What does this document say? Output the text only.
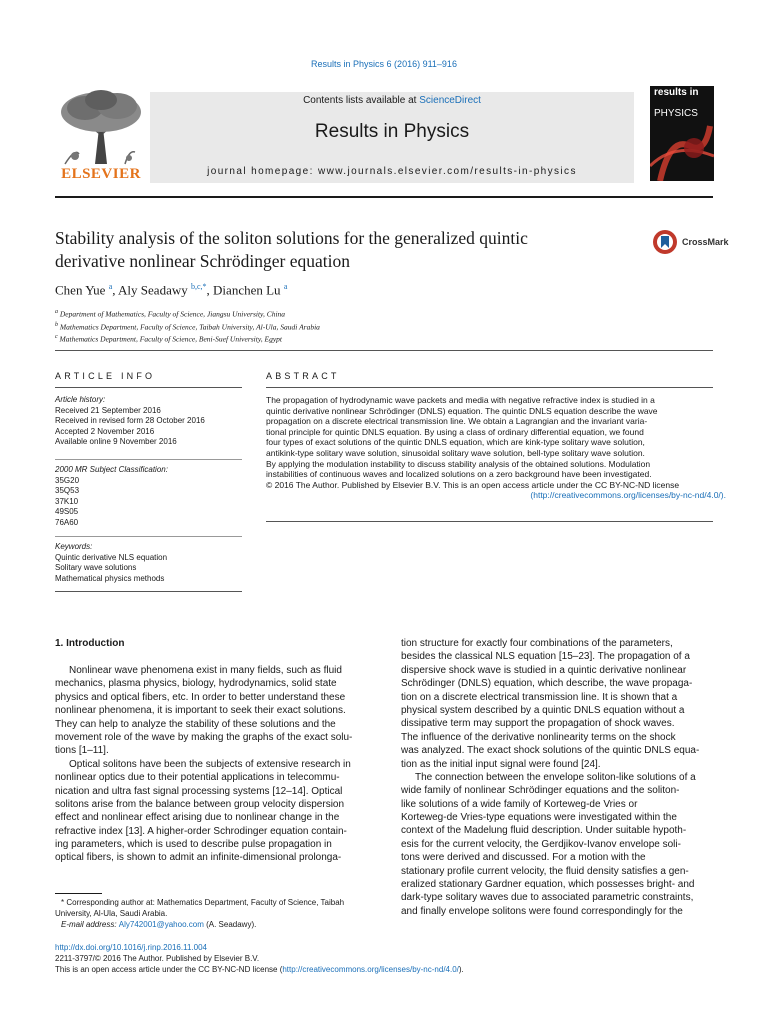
Results in Physics 6 (2016) 911–916
ELSEVIER
Contents lists available at ScienceDirect
Results in Physics
journal homepage: www.journals.elsevier.com/results-in-physics
results in
PHYSICS
Stability analysis of the soliton solutions for the generalized quintic
derivative nonlinear Schrödinger equation
CrossMark
Chen Yue $^a$, Aly Seadawy $^{b,c,*}$, Dianchen Lu $^a$
$^a$ Department of Mathematics, Faculty of Science, Jiangsu University, China
$^b$ Mathematics Department, Faculty of Science, Taibah University, Al-Ula, Saudi Arabia
$^c$ Mathematics Department, Faculty of Science, Beni-Suef University, Egypt
ARTICLE INFO
Article history:
Received 21 September 2016
Received in revised form 28 October 2016
Accepted 2 November 2016
Available online 9 November 2016
2000 MR Subject Classification:
35G20
35Q53
37K10
49S05
76A60
Keywords:
Quintic derivative NLS equation
Solitary wave solutions
Mathematical physics methods
ABSTRACT
The propagation of hydrodynamic wave packets and media with negative refractive index is studied in a
quintic derivative nonlinear Schrödinger (DNLS) equation. The quintic DNLS equation describe the wave
propagation on a discrete electrical transmission line. We obtain a Lagrangian and the invariant varia-
tional principle for quintic DNLS equation. By using a class of ordinary differential equation, we found
four types of exact solutions of the quintic DNLS equation, which are kink-type solitary wave solution,
antikink-type solitary wave solution, sinusoidal solitary wave solution, bell-type solitary wave solution.
By applying the modulation instability to discuss stability analysis of the obtained solutions. Modulation
instabilities of continuous waves and localized solutions on a zero background have been investigated.
© 2016 The Author. Published by Elsevier B.V. This is an open access article under the CC BY-NC-ND license
(http://creativecommons.org/licenses/by-nc-nd/4.0/).
1. Introduction
Nonlinear wave phenomena exist in many fields, such as fluid
mechanics, plasma physics, biology, hydrodynamics, solid state
physics and optical fibers, etc. In order to better understand these
nonlinear phenomena, it is important to seek their exact solutions.
They can help to analyze the stability of these solutions and the
movement role of the wave by making the graphs of the exact solu-
tions [1–11].
Optical solitons have been the subjects of extensive research in
nonlinear optics due to their potential applications in telecommu-
nication and ultra fast signal processing systems [12–14]. Optical
solitons arise from the balance between group velocity dispersion
effect and nonlinear effect arising due to nonlinear change in the
refractive index [13]. A higher-order Schrodinger equation contain-
ing parameters, which is used to describe pulse propagation in
optical fibers, is shown to admit an infinite-dimensional prolonga-
tion structure for exactly four combinations of the parameters,
besides the classical NLS equation [15–23]. The propagation of a
dispersive shock wave is studied in a quintic derivative nonlinear
Schrödinger (DNLS) equation, which describe, the wave propaga-
tion on a discrete electrical transmission line. It is shown that a
physical system described by a quintic DNLS equation without a
dissipative term may support the propagation of shock waves.
The influence of the derivative nonlinearity terms on the shock
was analyzed. The exact shock solutions of the quintic DNLS equa-
tion as the initial input signal were found [24].
The connection between the envelope soliton-like solutions of a
wide family of nonlinear Schrödinger equations and the soliton-
like solutions of a wide family of Korteweg-de Vries or
Korteweg-de Vries-type equations were investigated within the
context of the Madelung fluid description. Under suitable hypoth-
esis for the current velocity, the Gerdjikov-Ivanov envelope soli-
tons were derived and discussed. For a motion with the
stationary profile current velocity, the fluid density satisfies a gen-
eralized stationary Gardner equation, which possesses bright- and
dark-type solitary waves due to associated parametric constraints,
and finally envelope solitons were found correspondingly for the
* Corresponding author at: Mathematics Department, Faculty of Science, Taibah
University, Al-Ula, Saudi Arabia.
E-mail address: Aly742001@yahoo.com (A. Seadawy).
http://dx.doi.org/10.1016/j.rinp.2016.11.004
2211-3797/© 2016 The Author. Published by Elsevier B.V.
This is an open access article under the CC BY-NC-ND license (http://creativecommons.org/licenses/by-nc-nd/4.0/).
